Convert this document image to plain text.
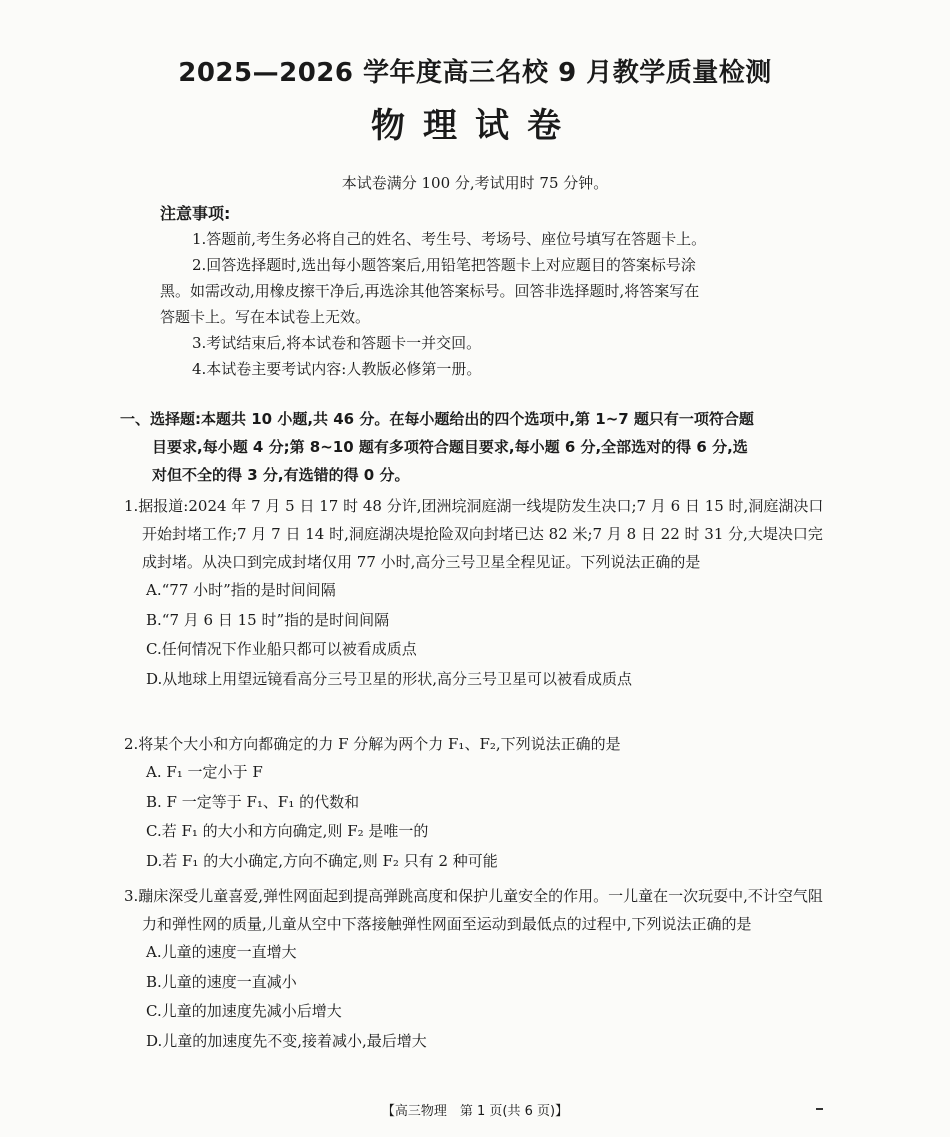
2025—2026 学年度高三名校 9 月教学质量检测
物理试卷
本试卷满分 100 分,考试用时 75 分钟。
注意事项:

1.答题前,考生务必将自己的姓名、考生号、考场号、座位号填写在答题卡上。

2.回答选择题时,选出每小题答案后,用铅笔把答题卡上对应题目的答案标号涂

黑。如需改动,用橡皮擦干净后,再选涂其他答案标号。回答非选择题时,将答案写在

答题卡上。写在本试卷上无效。

3.考试结束后,将本试卷和答题卡一并交回。

4.本试卷主要考试内容:人教版必修第一册。

一、选择题:本题共 10 小题,共 46 分。在每小题给出的四个选项中,第 1~7 题只有一项符合题
目要求,每小题 4 分;第 8~10 题有多项符合题目要求,每小题 6 分,全部选对的得 6 分,选
对但不全的得 3 分,有选错的得 0 分。

1.据报道:2024 年 7 月 5 日 17 时 48 分许,团洲垸洞庭湖一线堤防发生决口;7 月 6 日 15 时,洞庭湖决口开始封堵工作;7 月 7 日 14 时,洞庭湖决堤抢险双向封堵已达 82 米;7 月 8 日 22 时 31 分,大堤决口完成封堵。从决口到完成封堵仅用 77 小时,高分三号卫星全程见证。下列说法正确的是

A.“77 小时”指的是时间间隔

B.“7 月 6 日 15 时”指的是时间间隔

C.任何情况下作业船只都可以被看成质点

D.从地球上用望远镜看高分三号卫星的形状,高分三号卫星可以被看成质点

2.将某个大小和方向都确定的力 F 分解为两个力 F₁、F₂,下列说法正确的是

A. F₁ 一定小于 F

B. F 一定等于 F₁、F₁ 的代数和

C.若 F₁ 的大小和方向确定,则 F₂ 是唯一的

D.若 F₁ 的大小确定,方向不确定,则 F₂ 只有 2 种可能

3.蹦床深受儿童喜爱,弹性网面起到提高弹跳高度和保护儿童安全的作用。一儿童在一次玩耍中,不计空气阻力和弹性网的质量,儿童从空中下落接触弹性网面至运动到最低点的过程中,下列说法正确的是

A.儿童的速度一直增大

B.儿童的速度一直减小

C.儿童的加速度先减小后增大

D.儿童的加速度先不变,接着减小,最后增大

【高三物理　第 1 页(共 6 页)】
